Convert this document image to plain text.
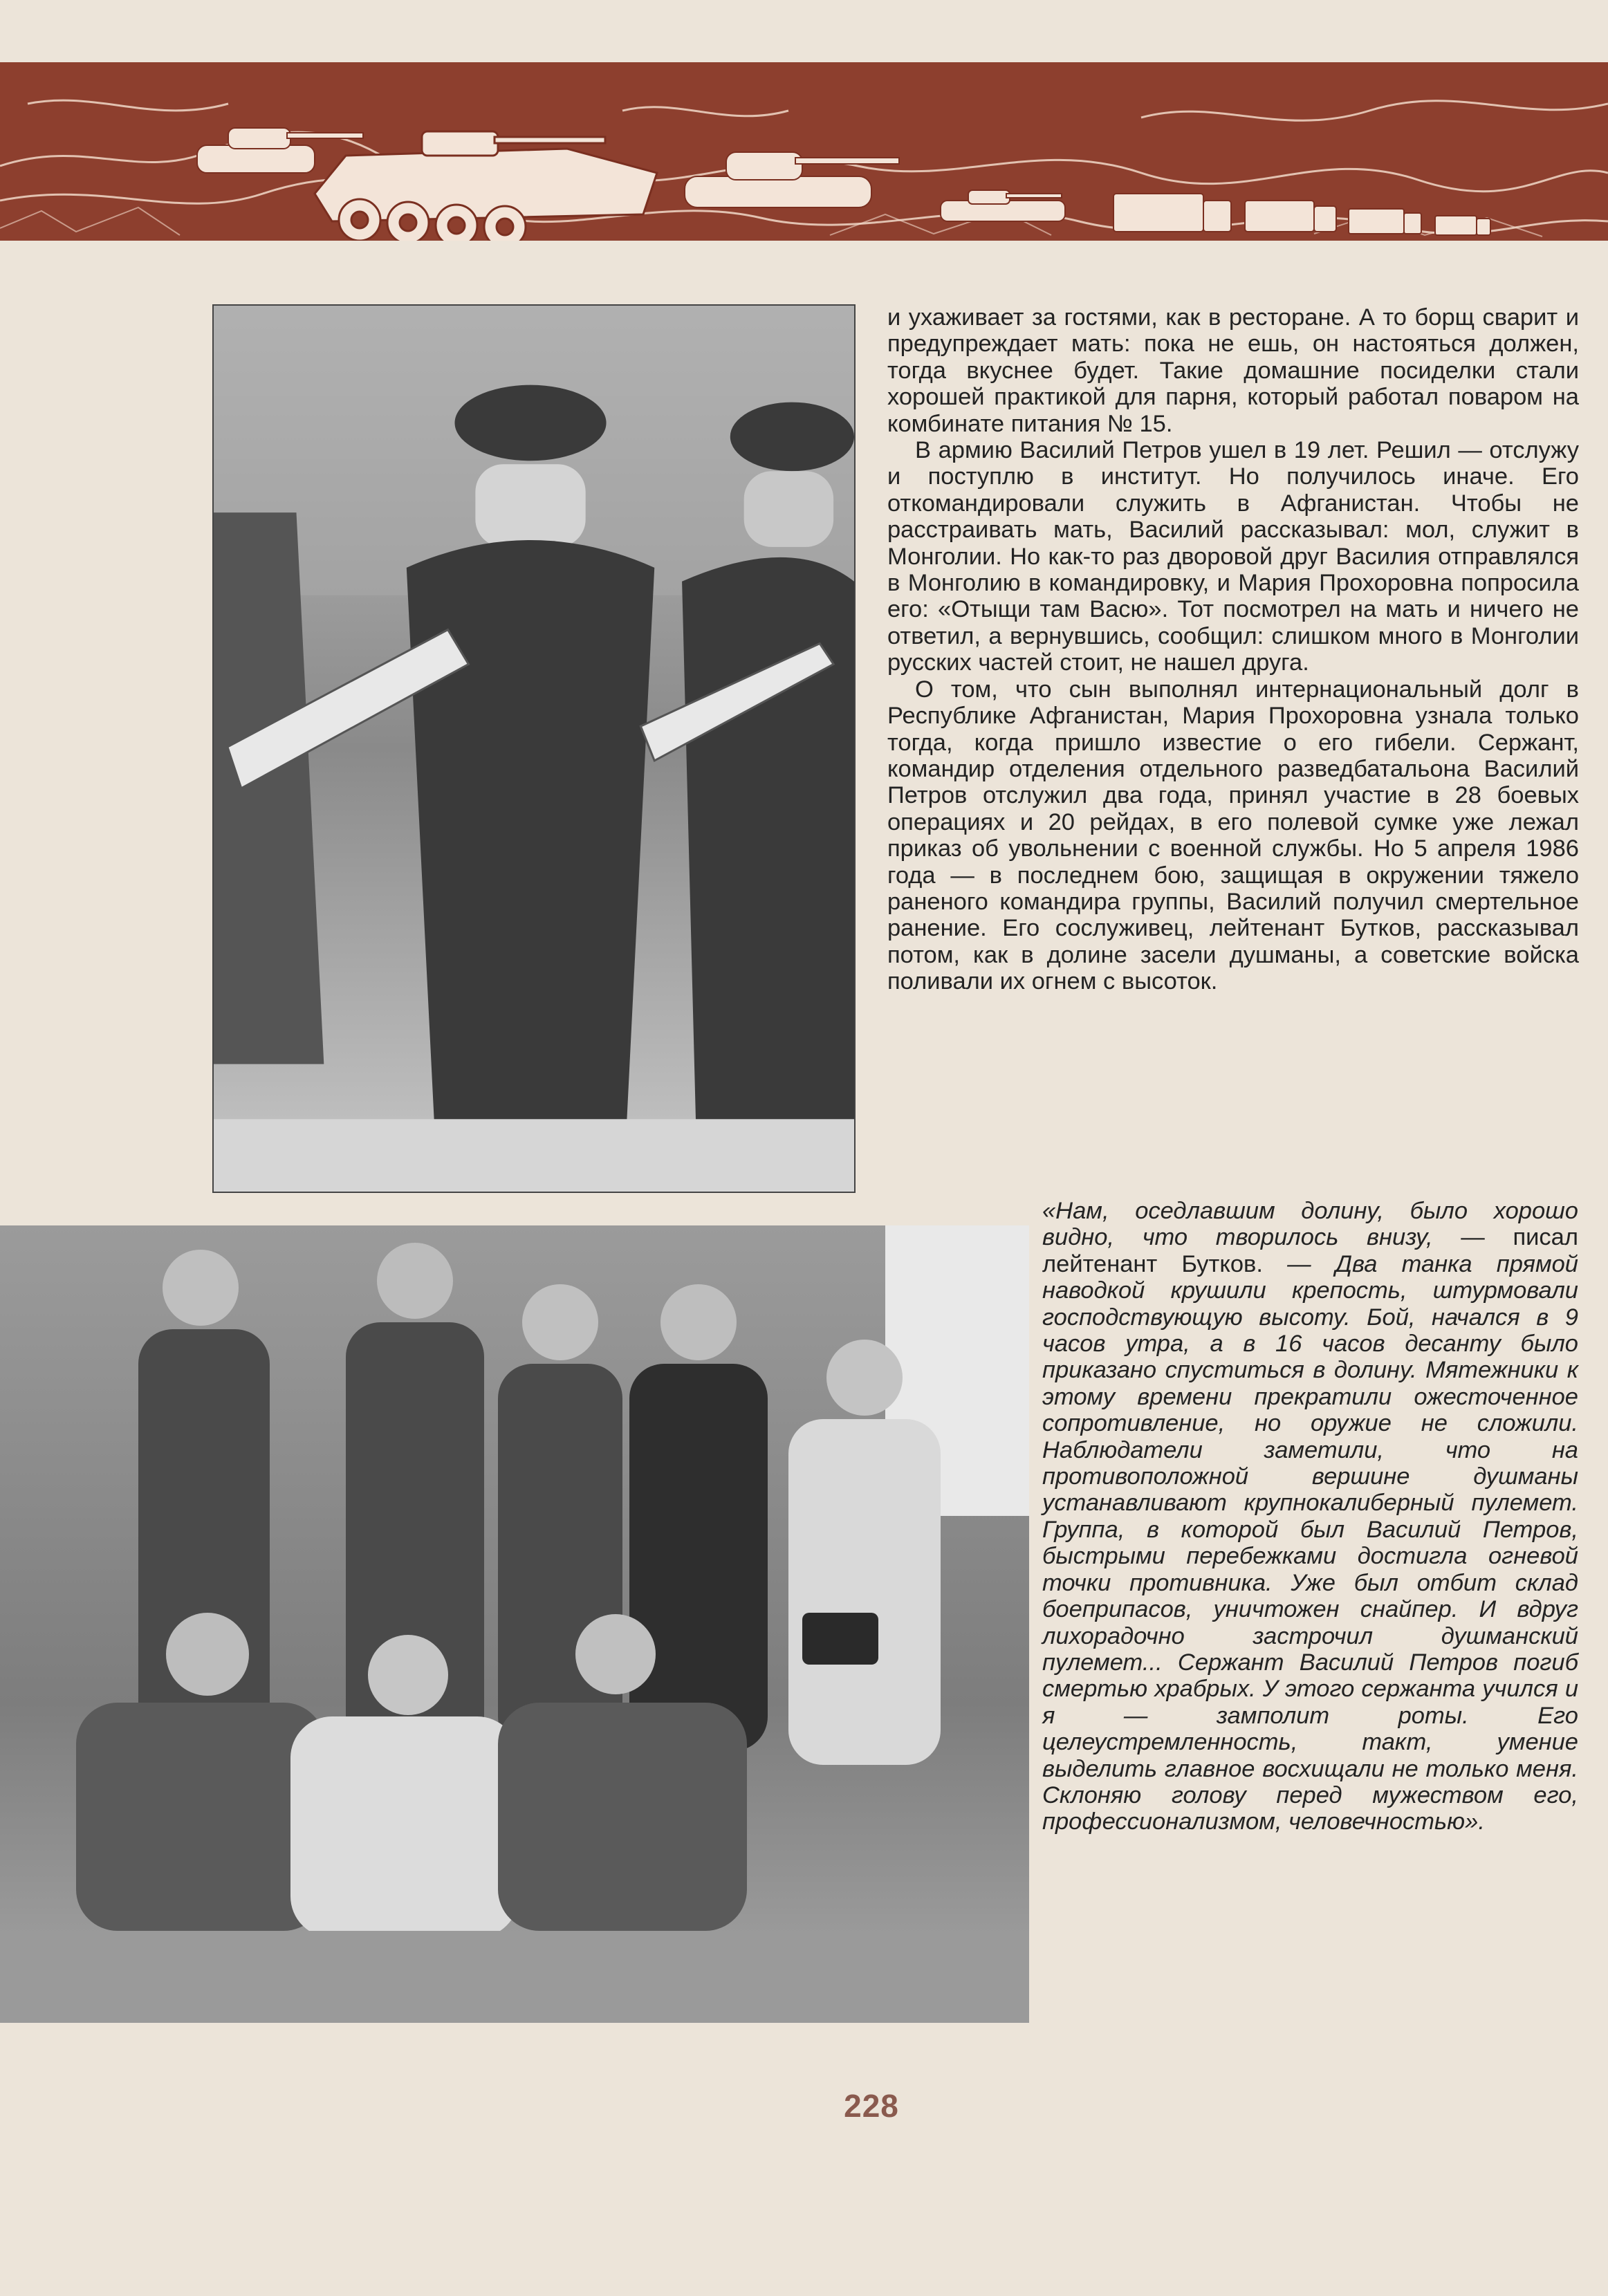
и ухаживает за гостями, как в ресторане. А то борщ сварит и предупреждает мать: пока не ешь, он настояться должен, тогда вкуснее будет. Такие домашние посиделки стали хорошей практикой для парня, который работал поваром на комбинате питания № 15.

В армию Василий Петров ушел в 19 лет. Решил — отслужу и поступлю в институт. Но получилось иначе. Его откомандировали служить в Афганистан. Чтобы не расстраивать мать, Василий рассказывал: мол, служит в Монголии. Но как-то раз дворовой друг Василия отправлялся в Монголию в командировку, и Мария Прохоровна попросила его: «Отыщи там Васю». Тот посмотрел на мать и ничего не ответил, а вернувшись, сообщил: слишком много в Монголии русских частей стоит, не нашел друга.

О том, что сын выполнял интернациональный долг в Республике Афганистан, Мария Прохоровна узнала только тогда, когда пришло известие о его гибели. Сержант, командир отделения отдельного разведбатальона Василий Петров отслужил два года, принял участие в 28 боевых операциях и 20 рейдах, в его полевой сумке уже лежал приказ об увольнении с военной службы. Но 5 апреля 1986 года — в последнем бою, защищая в окружении тяжело раненого командира группы, Василий получил смертельное ранение. Его сослуживец, лейтенант Бутков, рассказывал потом, как в долине засели душманы, а советские войска поливали их огнем с высоток.

«Нам, оседлавшим долину, было хорошо видно, что творилось внизу, — писал лейтенант Бутков. — Два танка прямой наводкой крушили крепость, штурмовали господствующую высоту. Бой, начался в 9 часов утра, а в 16 часов десанту было приказано спуститься в долину. Мятежники к этому времени прекратили ожесточенное сопротивление, но оружие не сложили. Наблюдатели заметили, что на противоположной вершине душманы устанавливают крупнокалиберный пулемет. Группа, в которой был Василий Петров, быстрыми перебежками достигла огневой точки противника. Уже был отбит склад боеприпасов, уничтожен снайпер. И вдруг лихорадочно застрочил душманский пулемет... Сержант Василий Петров погиб смертью храбрых. У этого сержанта учился и я — замполит роты. Его целеустремленность, такт, умение выделить главное восхищали не только меня. Склоняю голову перед мужеством его, профессионализмом, человечностью».
228
